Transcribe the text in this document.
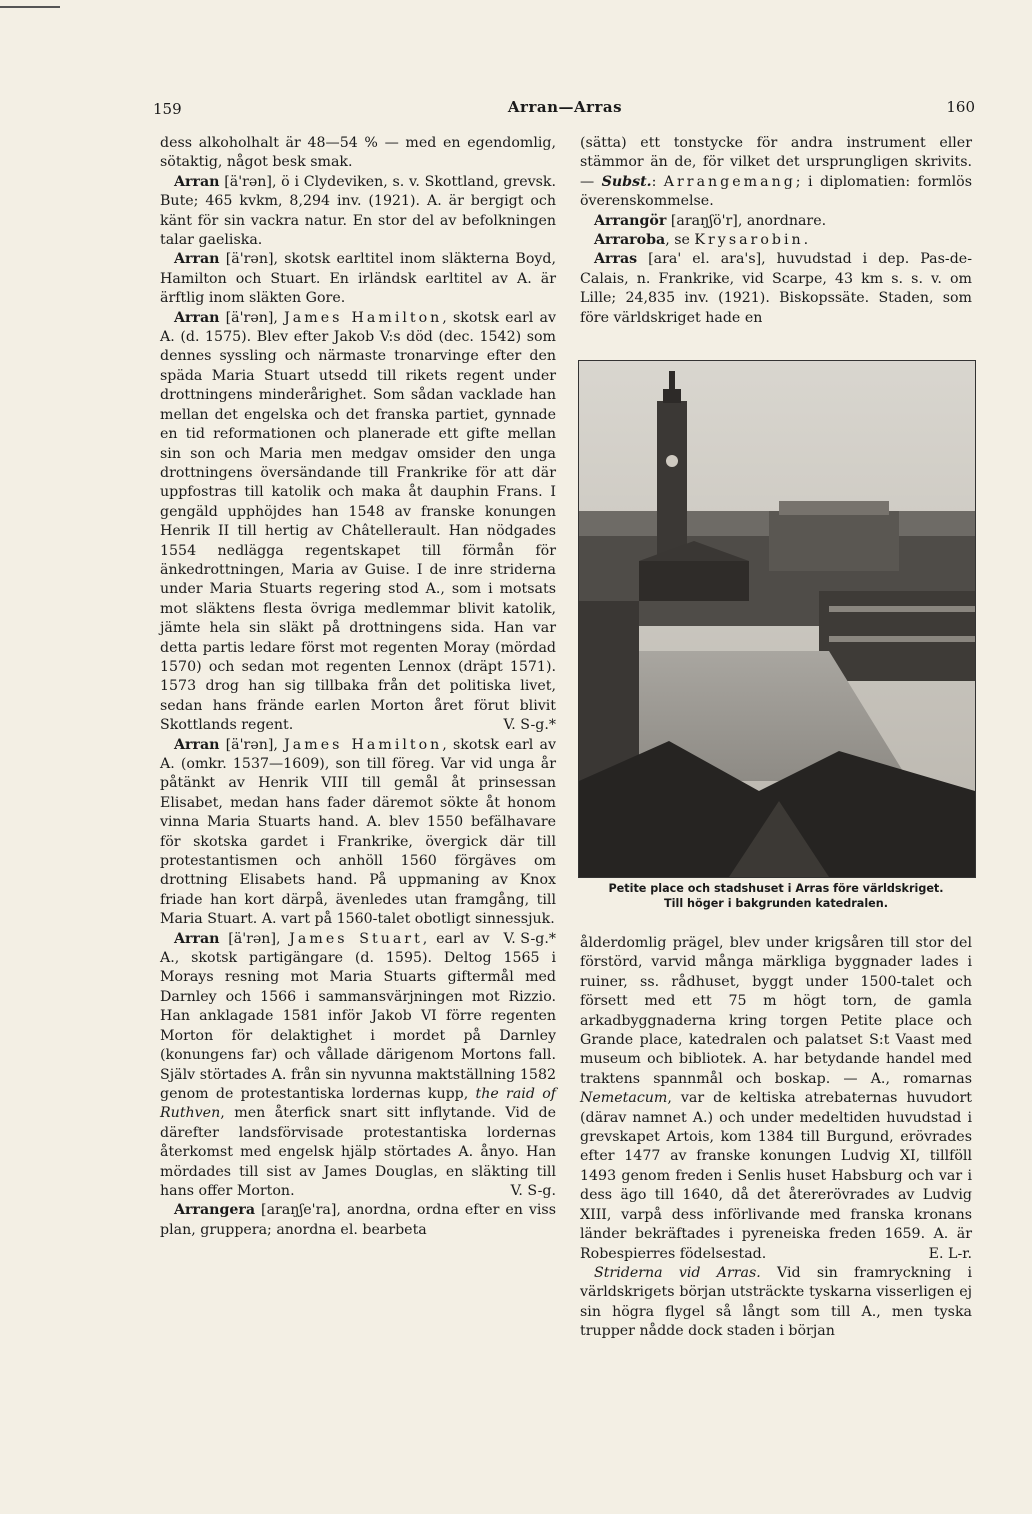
159	Arran—Arras	160

dess alkoholhalt är 48—54 % — med en egendomlig, sötaktig, något besk smak.

Arran [ä'rən], ö i Clydeviken, s. v. Skottland, grevsk. Bute; 465 kvkm, 8,294 inv. (1921). A. är bergigt och känt för sin vackra natur. En stor del av befolkningen talar gaeliska.

Arran [ä'rən], skotsk earltitel inom släkterna Boyd, Hamilton och Stuart. En irländsk earltitel av A. är ärftlig inom släkten Gore.

Arran [ä'rən], James Hamilton, skotsk earl av A. (d. 1575). Blev efter Jakob V:s död (dec. 1542) som dennes syssling och närmaste tronarvinge efter den späda Maria Stuart utsedd till rikets regent under drottningens minderårighet. Som sådan vacklade han mellan det engelska och det franska partiet, gynnade en tid reformationen och planerade ett gifte mellan sin son och Maria men medgav omsider den unga drottningens översändande till Frankrike för att där uppfostras till katolik och maka åt dauphin Frans. I gengäld upphöjdes han 1548 av franske konungen Henrik II till hertig av Châtellerault. Han nödgades 1554 nedlägga regentskapet till förmån för änkedrottningen, Maria av Guise. I de inre striderna under Maria Stuarts regering stod A., som i motsats mot släktens flesta övriga medlemmar blivit katolik, jämte hela sin släkt på drottningens sida. Han var detta partis ledare först mot regenten Moray (mördad 1570) och sedan mot regenten Lennox (dräpt 1571). 1573 drog han sig tillbaka från det politiska livet, sedan hans frände earlen Morton året förut blivit Skottlands regent.	V. S-g.*

Arran [ä'rən], James Hamilton, skotsk earl av A. (omkr. 1537—1609), son till föreg. Var vid unga år påtänkt av Henrik VIII till gemål åt prinsessan Elisabet, medan hans fader däremot sökte åt honom vinna Maria Stuarts hand. A. blev 1550 befälhavare för skotska gardet i Frankrike, övergick där till protestantismen och anhöll 1560 förgäves om drottning Elisabets hand. På uppmaning av Knox friade han kort därpå, ävenledes utan framgång, till Maria Stuart. A. vart på 1560-talet obotligt sinnessjuk.
V. S-g.*

Arran [ä'rən], James Stuart, earl av A., skotsk partigängare (d. 1595). Deltog 1565 i Morays resning mot Maria Stuarts giftermål med Darnley och 1566 i sammansvärjningen mot Rizzio. Han anklagade 1581 inför Jakob VI förre regenten Morton för delaktighet i mordet på Darnley (konungens far) och vållade därigenom Mortons fall. Själv störtades A. från sin nyvunna maktställning 1582 genom de protestantiska lordernas kupp, the raid of Ruthven, men återfick snart sitt inflytande. Vid de därefter landsförvisade protestantiska lordernas återkomst med engelsk hjälp störtades A. ånyo. Han mördades till sist av James Douglas, en släkting till hans offer Morton.	V. S-g.

Arrangera [araŋʃe'ra], anordna, ordna efter en viss plan, gruppera; anordna el. bearbeta

(sätta) ett tonstycke för andra instrument eller stämmor än de, för vilket det ursprungligen skrivits. — Subst.: Arrangemang; i diplomatien: formlös överenskommelse.

Arrangör [araŋʃö'r], anordnare.

Arraroba, se Krysarobin.

Arras [ara' el. ara's], huvudstad i dep. Pas-de-Calais, n. Frankrike, vid Scarpe, 43 km s. s. v. om Lille; 24,835 inv. (1921). Biskopssäte. Staden, som före världskriget hade en

Petite place och stadshuset i Arras före världskriget.
Till höger i bakgrunden katedralen.

ålderdomlig prägel, blev under krigsåren till stor del förstörd, varvid många märkliga byggnader lades i ruiner, ss. rådhuset, byggt under 1500-talet och försett med ett 75 m högt torn, de gamla arkadbyggnaderna kring torgen Petite place och Grande place, katedralen och palatset S:t Vaast med museum och bibliotek. A. har betydande handel med traktens spannmål och boskap. — A., romarnas Nemetacum, var de keltiska atrebaternas huvudort (därav namnet A.) och under medeltiden huvudstad i grevskapet Artois, kom 1384 till Burgund, erövrades efter 1477 av franske konungen Ludvig XI, tillföll 1493 genom freden i Senlis huset Habsburg och var i dess ägo till 1640, då det återerövrades av Ludvig XIII, varpå dess införlivande med franska kronans länder bekräftades i pyreneiska freden 1659. A. är Robespierres födelsestad.	E. L-r.

Striderna vid Arras. Vid sin framryckning i världskrigets början utsträckte tyskarna visserligen ej sin högra flygel så långt som till A., men tyska trupper nådde dock staden i början
